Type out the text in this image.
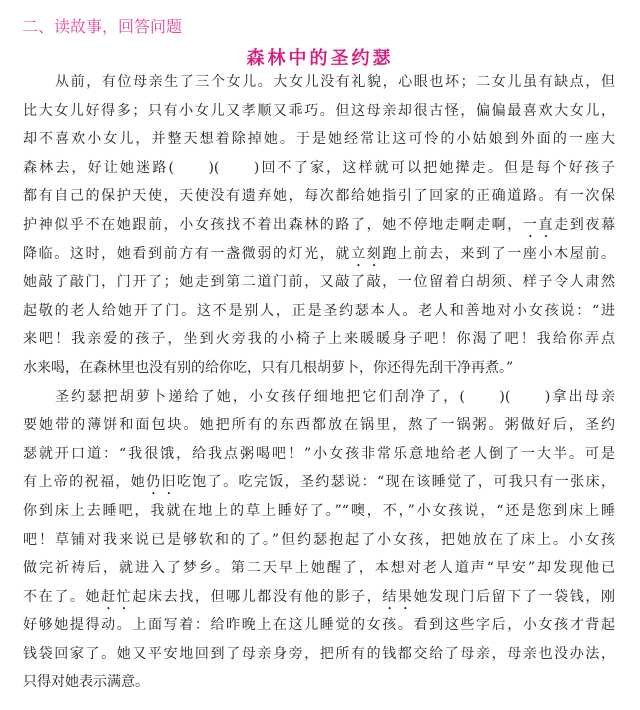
二、读故事，回答问题
森林中的圣约瑟
从前，有位母亲生了三个女儿。大女儿没有礼貌，心眼也坏；二女儿虽有缺点，但
比大女儿好得多；只有小女儿又孝顺又乖巧。但这母亲却很古怪，偏偏最喜欢大女儿，
却不喜欢小女儿，并整天想着除掉她。于是她经常让这可怜的小姑娘到外面的一座大
森林去，好让她迷路(　　)(　　)回不了家，这样就可以把她撵走。但是每个好孩子
都有自己的保护天使，天使没有遗弃她，每次都给她指引了回家的正确道路。有一次保
护神似乎不在她跟前，小女孩找不着出森林的路了，她不停地走啊走啊，一直走到夜幕
降临。这时，她看到前方有一盏微弱的灯光，就立刻跑上前去，来到了一座小木屋前。
她敲了敲门，门开了；她走到第二道门前，又敲了敲，一位留着白胡须、样子令人肃然
起敬的老人给她开了门。这不是别人，正是圣约瑟本人。老人和善地对小女孩说：“进
来吧！我亲爱的孩子，坐到火旁我的小椅子上来暖暖身子吧！你渴了吧！我给你弄点
水来喝，在森林里也没有别的给你吃，只有几根胡萝卜，你还得先刮干净再煮。”
圣约瑟把胡萝卜递给了她，小女孩仔细地把它们刮净了，(　　)(　　)拿出母亲
要她带的薄饼和面包块。她把所有的东西都放在锅里，熬了一锅粥。粥做好后，圣约
瑟就开口道：“我很饿，给我点粥喝吧！”小女孩非常乐意地给老人倒了一大半。可是
有上帝的祝福，她仍旧吃饱了。吃完饭，圣约瑟说：“现在该睡觉了，可我只有一张床，
你到床上去睡吧，我就在地上的草上睡好了。”“噢，不，”小女孩说，“还是您到床上睡
吧！草铺对我来说已是够软和的了。”但约瑟抱起了小女孩，把她放在了床上。小女孩
做完祈祷后，就进入了梦乡。第二天早上她醒了，本想对老人道声“早安”却发现他已
不在了。她赶忙起床去找，但哪儿都没有他的影子，结果她发现门后留下了一袋钱，刚
好够她提得动。上面写着：给昨晚上在这儿睡觉的女孩。看到这些字后，小女孩才背起
钱袋回家了。她又平安地回到了母亲身旁，把所有的钱都交给了母亲，母亲也没办法，
只得对她表示满意。
